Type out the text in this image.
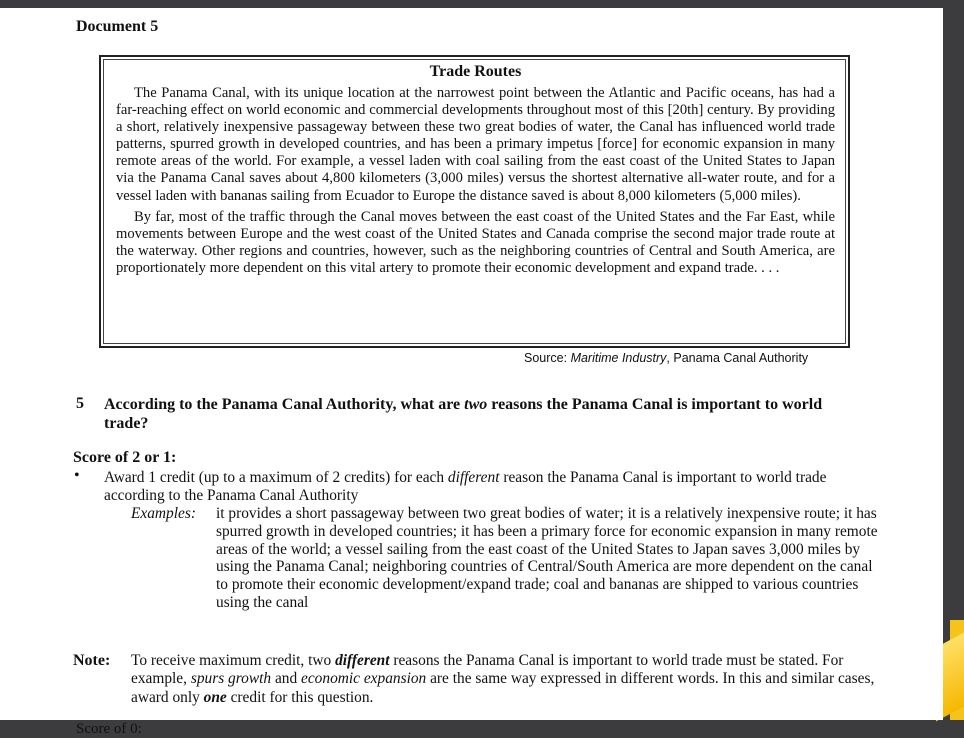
Document 5

Trade Routes

The Panama Canal, with its unique location at the narrowest point between the Atlantic and Pacific oceans, has had a far-reaching effect on world economic and commercial developments throughout most of this [20th] century. By providing a short, relatively inexpensive passageway between these two great bodies of water, the Canal has influenced world trade patterns, spurred growth in developed countries, and has been a primary impetus [force] for economic expansion in many remote areas of the world. For example, a vessel laden with coal sailing from the east coast of the United States to Japan via the Panama Canal saves about 4,800 kilometers (3,000 miles) versus the shortest alternative all-water route, and for a vessel laden with bananas sailing from Ecuador to Europe the distance saved is about 8,000 kilometers (5,000 miles).

By far, most of the traffic through the Canal moves between the east coast of the United States and the Far East, while movements between Europe and the west coast of the United States and Canada comprise the second major trade route at the waterway. Other regions and countries, however, such as the neighboring countries of Central and South America, are proportionately more dependent on this vital artery to promote their economic development and expand trade. . . .

Source: Maritime Industry, Panama Canal Authority
5 According to the Panama Canal Authority, what are two reasons the Panama Canal is important to world trade?
Score of 2 or 1:
• Award 1 credit (up to a maximum of 2 credits) for each different reason the Panama Canal is important to world trade according to the Panama Canal Authority
Examples: it provides a short passageway between two great bodies of water; it is a relatively inexpensive route; it has spurred growth in developed countries; it has been a primary force for economic expansion in many remote areas of the world; a vessel sailing from the east coast of the United States to Japan saves 3,000 miles by using the Panama Canal; neighboring countries of Central/South America are more dependent on the canal to promote their economic development/expand trade; coal and bananas are shipped to various countries using the canal
Note: To receive maximum credit, two different reasons the Panama Canal is important to world trade must be stated. For example, spurs growth and economic expansion are the same way expressed in different words. In this and similar cases, award only one credit for this question.
Score of 0:
